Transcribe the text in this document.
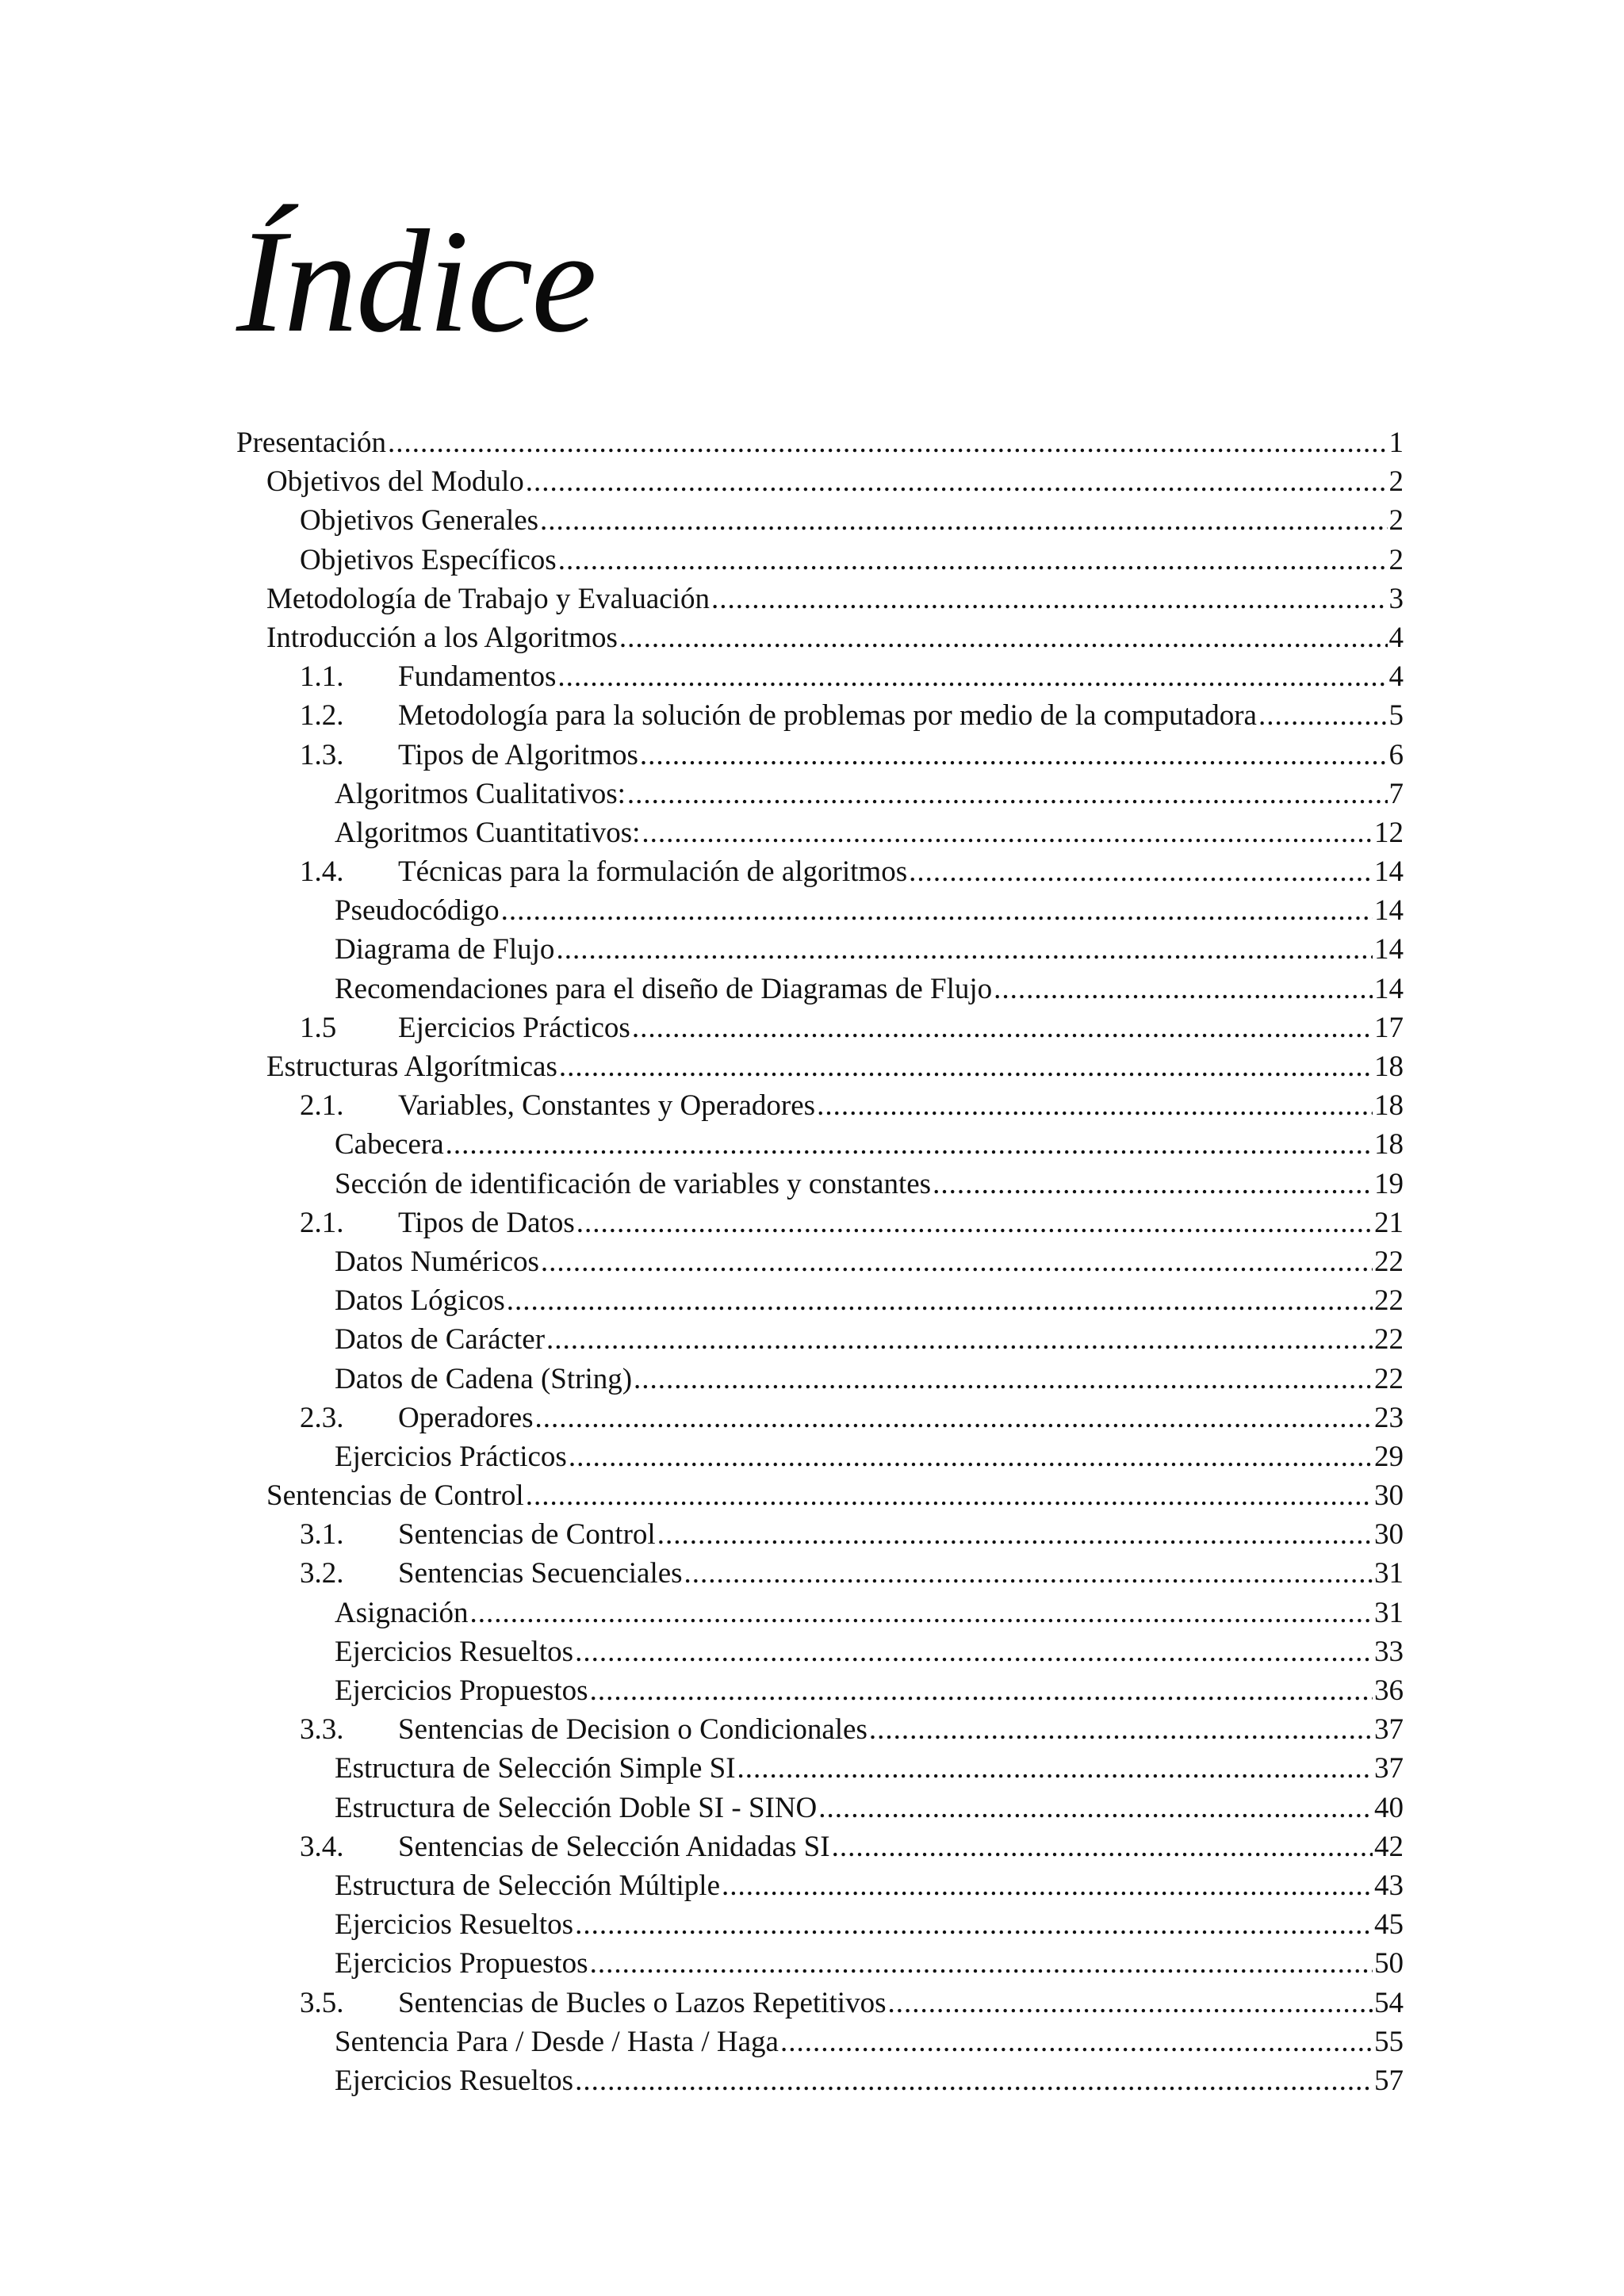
Índice
Presentación .....	1
Objetivos del Modulo .....	2
Objetivos Generales .....	2
Objetivos Específicos .....	2
Metodología de Trabajo y Evaluación .....	3
Introducción a los Algoritmos .....	4
1.1.	Fundamentos .....	4
1.2.	Metodología para la solución de problemas por medio de la computadora .....	5
1.3.	Tipos de Algoritmos .....	6
Algoritmos Cualitativos: .....	7
Algoritmos Cuantitativos: .....	12
1.4.	Técnicas para la formulación de algoritmos .....	14
Pseudocódigo .....	14
Diagrama de Flujo .....	14
Recomendaciones para el diseño de Diagramas de Flujo .....	14
1.5	Ejercicios Prácticos .....	17
Estructuras Algorítmicas .....	18
2.1.	Variables, Constantes y Operadores .....	18
Cabecera .....	18
Sección de identificación de variables y constantes .....	19
2.1.	Tipos de Datos .....	21
Datos Numéricos .....	22
Datos Lógicos .....	22
Datos de Carácter .....	22
Datos de Cadena (String) .....	22
2.3.	Operadores .....	23
Ejercicios Prácticos .....	29
Sentencias de Control .....	30
3.1.	Sentencias de Control .....	30
3.2.	Sentencias Secuenciales .....	31
Asignación .....	31
Ejercicios Resueltos .....	33
Ejercicios Propuestos .....	36
3.3.	Sentencias de Decision o Condicionales .....	37
Estructura de Selección Simple SI .....	37
Estructura de Selección Doble SI - SINO .....	40
3.4.	Sentencias de Selección Anidadas SI .....	42
Estructura de Selección Múltiple .....	43
Ejercicios Resueltos .....	45
Ejercicios Propuestos .....	50
3.5.	Sentencias de Bucles o Lazos Repetitivos .....	54
Sentencia Para / Desde / Hasta / Haga .....	55
Ejercicios Resueltos .....	57
